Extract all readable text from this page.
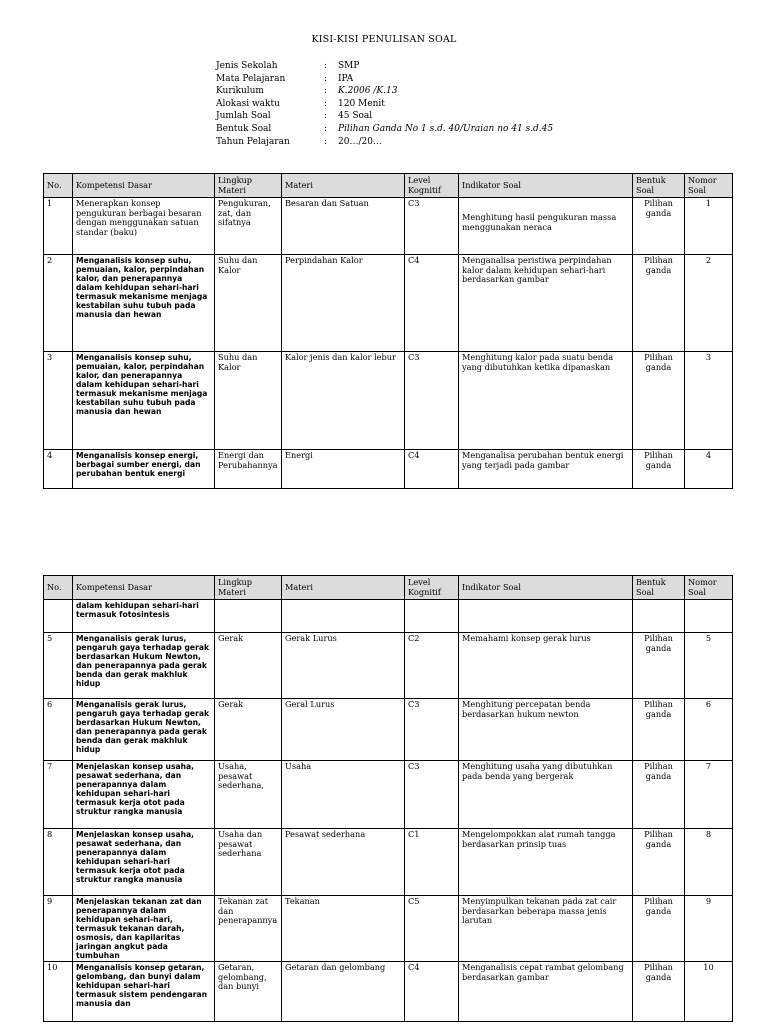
KISI-KISI PENULISAN SOAL
Jenis Sekolah	:	SMP
Mata Pelajaran	:	IPA
Kurikulum	:	K.2006 /K.13
Alokasi waktu	:	120 Menit
Jumlah Soal	:	45 Soal
Bentuk Soal	:	Pilihan Ganda No 1 s.d. 40/Uraian no 41 s.d.45
Tahun Pelajaran	:	20…/20…
No.	Kompetensi Dasar	Lingkup Materi	Materi	Level Kognitif	Indikator Soal	Bentuk Soal	Nomor Soal
1	Menerapkan konsep pengukuran berbagai besaran dengan menggunakan satuan standar (baku)	Pengukuran, zat, dan sifatnya	Besaran dan Satuan	C3	Menghitung hasil pengukuran massa menggunakan neraca	Pilihan ganda	1
2	Menganalisis konsep suhu, pemuaian, kalor, perpindahan kalor, dan penerapannya dalam kehidupan sehari-hari termasuk mekanisme menjaga kestabilan suhu tubuh pada manusia dan hewan	Suhu dan Kalor	Perpindahan Kalor	C4	Menganalisa peristiwa perpindahan kalor dalam kehidupan sehari-hari berdasarkan gambar	Pilihan ganda	2
3	Menganalisis konsep suhu, pemuaian, kalor, perpindahan kalor, dan penerapannya dalam kehidupan sehari-hari termasuk mekanisme menjaga kestabilan suhu tubuh pada manusia dan hewan	Suhu dan Kalor	Kalor jenis dan kalor lebur	C3	Menghitung kalor pada suatu benda yang dibutuhkan ketika dipanaskan	Pilihan ganda	3
4	Menganalisis konsep energi, berbagai sumber energi, dan perubahan bentuk energi	Energi dan Perubahannya	Energi	C4	Menganalisa perubahan bentuk energi yang terjadi pada gambar	Pilihan ganda	4
No.	Kompetensi Dasar	Lingkup Materi	Materi	Level Kognitif	Indikator Soal	Bentuk Soal	Nomor Soal
	dalam kehidupan sehari-hari termasuk fotosintesis						
5	Menganalisis gerak lurus, pengaruh gaya terhadap gerak berdasarkan Hukum Newton, dan penerapannya pada gerak benda dan gerak makhluk hidup	Gerak	Gerak Lurus	C2	Memahami konsep gerak lurus	Pilihan ganda	5
6	Menganalisis gerak lurus, pengaruh gaya terhadap gerak berdasarkan Hukum Newton, dan penerapannya pada gerak benda dan gerak makhluk hidup	Gerak	Geral Lurus	C3	Menghitung percepatan benda berdasarkan hukum newton	Pilihan ganda	6
7	Menjelaskan konsep usaha, pesawat sederhana, dan penerapannya dalam kehidupan sehari-hari termasuk kerja otot pada struktur rangka manusia	Usaha, pesawat sederhana,	Usaha	C3	Menghitung usaha yang dibutuhkan pada benda yang bergerak	Pilihan ganda	7
8	Menjelaskan konsep usaha, pesawat sederhana, dan penerapannya dalam kehidupan sehari-hari termasuk kerja otot pada struktur rangka manusia	Usaha dan pesawat sederhana	Pesawat sederhana	C1	Mengelompokkan alat rumah tangga berdasarkan prinsip tuas	Pilihan ganda	8
9	Menjelaskan tekanan zat dan penerapannya dalam kehidupan sehari-hari, termasuk tekanan darah, osmosis, dan kapilaritas jaringan angkut pada tumbuhan	Tekanan zat dan penerapannya	Tekanan	C5	Menyimpulkan tekanan pada zat cair berdasarkan beberapa massa jenis larutan	Pilihan ganda	9
10	Menganalisis konsep getaran, gelombang, dan bunyi dalam kehidupan sehari-hari termasuk sistem pendengaran manusia dan	Getaran, gelombang, dan bunyi	Getaran dan gelombang	C4	Menganalisis cepat rambat gelombang berdasarkan gambar	Pilihan ganda	10
